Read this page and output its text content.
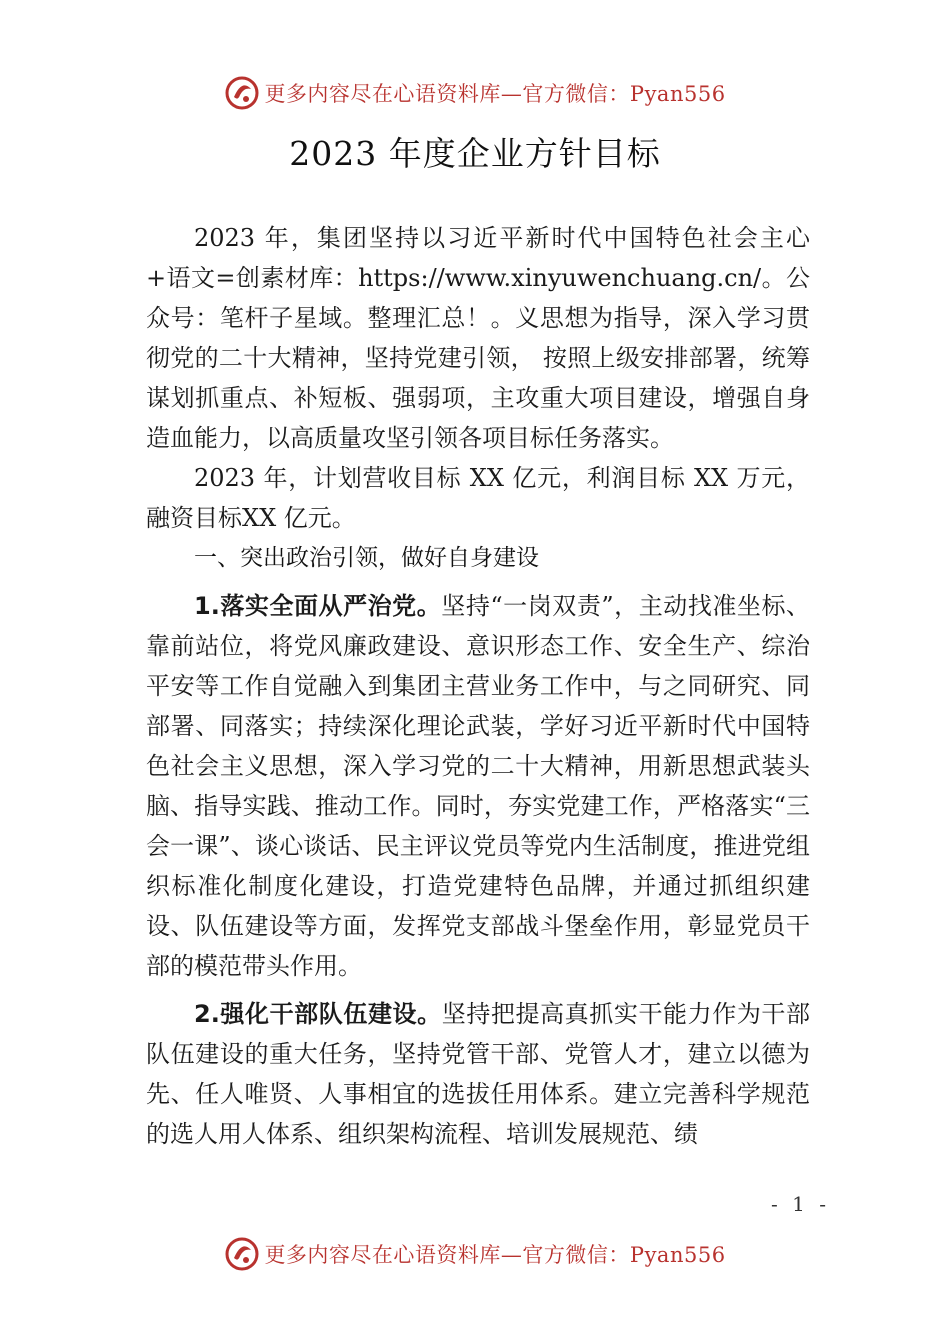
更多内容尽在心语资料库—官方微信：Pyan556
2023 年度企业方针目标

2023 年，集团坚持以习近平新时代中国特色社会主心+语文=创素材库：https://www.xinyuwenchuang.cn/。公众号：笔杆子星域。整理汇总！。义思想为指导，深入学习贯彻党的二十大精神，坚持党建引领， 按照上级安排部署，统筹谋划抓重点、补短板、强弱项，主攻重大项目建设，增强自身造血能力，以高质量攻坚引领各项目标任务落实。

2023 年，计划营收目标 XX 亿元，利润目标 XX 万元，融资目标XX 亿元。

一、突出政治引领，做好自身建设

1.落实全面从严治党。坚持“一岗双责”，主动找准坐标、靠前站位，将党风廉政建设、意识形态工作、安全生产、综治平安等工作自觉融入到集团主营业务工作中，与之同研究、同部署、同落实；持续深化理论武装，学好习近平新时代中国特色社会主义思想，深入学习党的二十大精神，用新思想武装头脑、指导实践、推动工作。同时，夯实党建工作，严格落实“三会一课”、谈心谈话、民主评议党员等党内生活制度，推进党组织标准化制度化建设，打造党建特色品牌，并通过抓组织建设、队伍建设等方面，发挥党支部战斗堡垒作用，彰显党员干部的模范带头作用。

2.强化干部队伍建设。坚持把提高真抓实干能力作为干部队伍建设的重大任务，坚持党管干部、党管人才，建立以德为先、任人唯贤、人事相宜的选拔任用体系。建立完善科学规范的选人用人体系、组织架构流程、培训发展规范、绩

- 1 -
更多内容尽在心语资料库—官方微信：Pyan556
